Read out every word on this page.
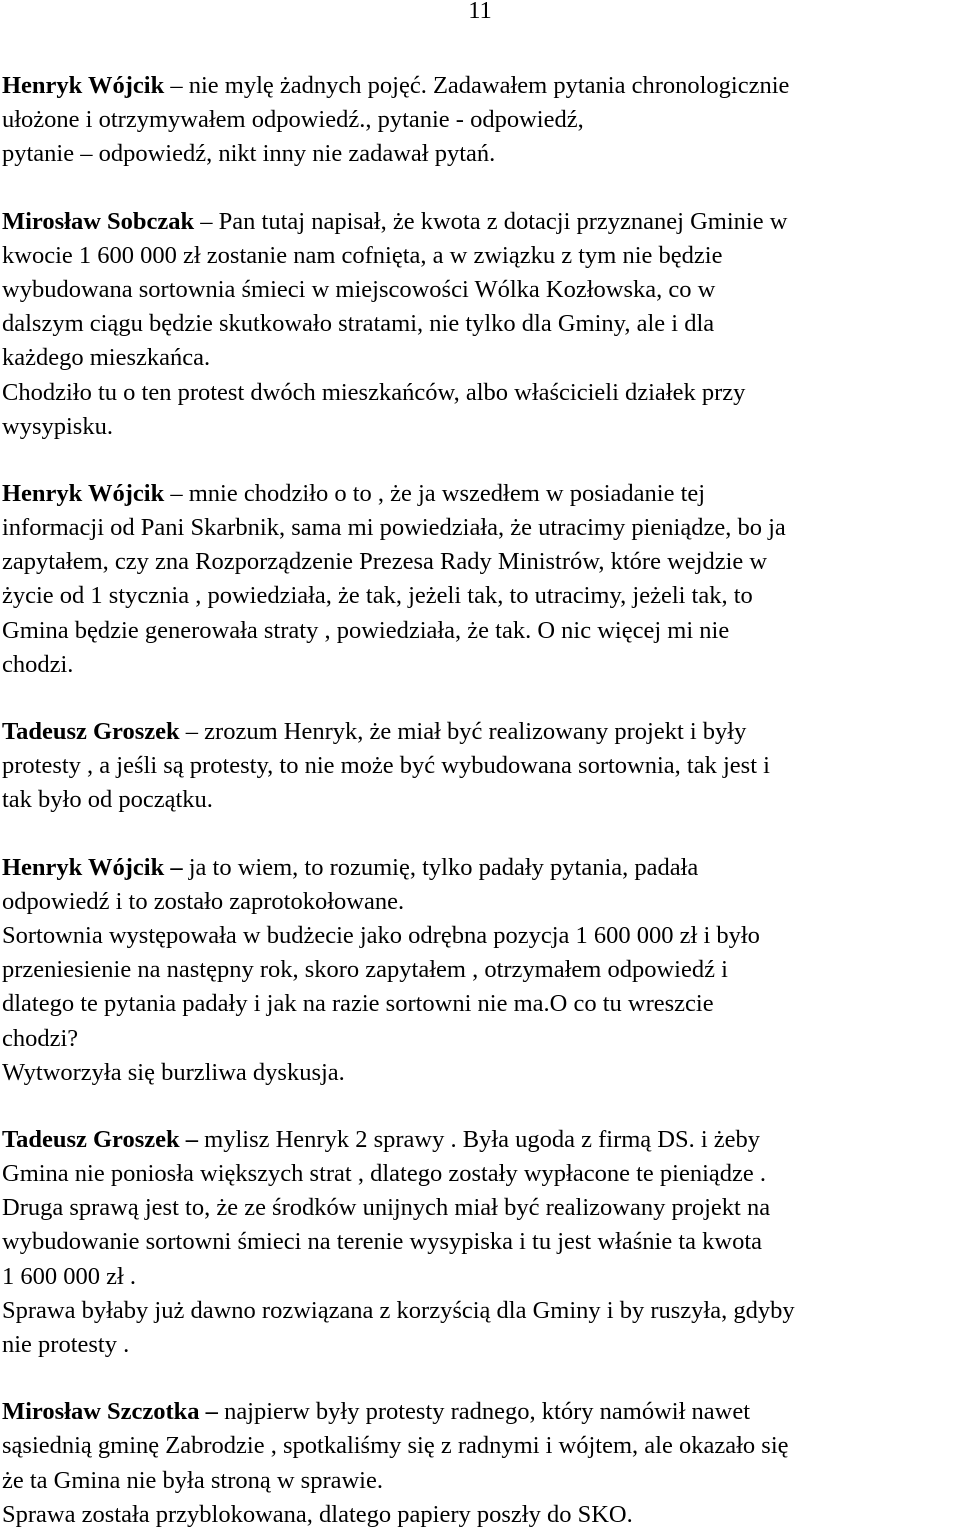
11
Henryk Wójcik – nie mylę żadnych pojęć. Zadawałem pytania chronologicznie
ułożone i otrzymywałem odpowiedź., pytanie - odpowiedź,
pytanie – odpowiedź, nikt inny nie zadawał pytań.
Mirosław Sobczak – Pan tutaj napisał, że kwota z dotacji przyznanej Gminie w
kwocie 1 600 000 zł zostanie nam cofnięta, a w związku z tym nie będzie
wybudowana sortownia śmieci w miejscowości Wólka Kozłowska, co w
dalszym ciągu będzie skutkowało stratami, nie tylko dla Gminy, ale i dla
każdego mieszkańca.
Chodziło tu o ten protest dwóch mieszkańców, albo właścicieli działek przy
wysypisku.
Henryk Wójcik – mnie chodziło o to , że ja wszedłem w posiadanie tej
informacji od Pani Skarbnik, sama mi powiedziała, że utracimy pieniądze, bo ja
zapytałem, czy zna Rozporządzenie Prezesa Rady Ministrów, które wejdzie w
życie od 1 stycznia , powiedziała, że tak, jeżeli tak, to utracimy, jeżeli tak, to
Gmina będzie generowała straty , powiedziała, że tak. O nic więcej mi nie
chodzi.
Tadeusz Groszek – zrozum Henryk, że miał być realizowany projekt i były
protesty , a jeśli są protesty, to nie może być wybudowana sortownia, tak jest i
tak było od początku.
Henryk Wójcik – ja to wiem, to rozumię, tylko padały pytania, padała
odpowiedź i to zostało zaprotokołowane.
Sortownia występowała w budżecie jako odrębna pozycja 1 600 000 zł i było
przeniesienie na następny rok, skoro zapytałem , otrzymałem odpowiedź i
dlatego te pytania padały i jak na razie sortowni nie ma.O co tu wreszcie
chodzi?
Wytworzyła się burzliwa dyskusja.
Tadeusz Groszek – mylisz Henryk 2 sprawy . Była ugoda z firmą DS. i żeby
Gmina nie poniosła większych strat , dlatego zostały wypłacone te pieniądze .
Druga sprawą jest to, że ze środków unijnych miał być realizowany projekt na
wybudowanie sortowni śmieci na terenie wysypiska i tu jest właśnie ta kwota
1 600 000 zł .
Sprawa byłaby już dawno rozwiązana z korzyścią dla Gminy i by ruszyła, gdyby
nie protesty .
Mirosław Szczotka – najpierw były protesty radnego, który namówił nawet
sąsiednią gminę Zabrodzie , spotkaliśmy się z radnymi i wójtem, ale okazało się
że ta Gmina nie była stroną w sprawie.
Sprawa została przyblokowana, dlatego papiery poszły do SKO.
